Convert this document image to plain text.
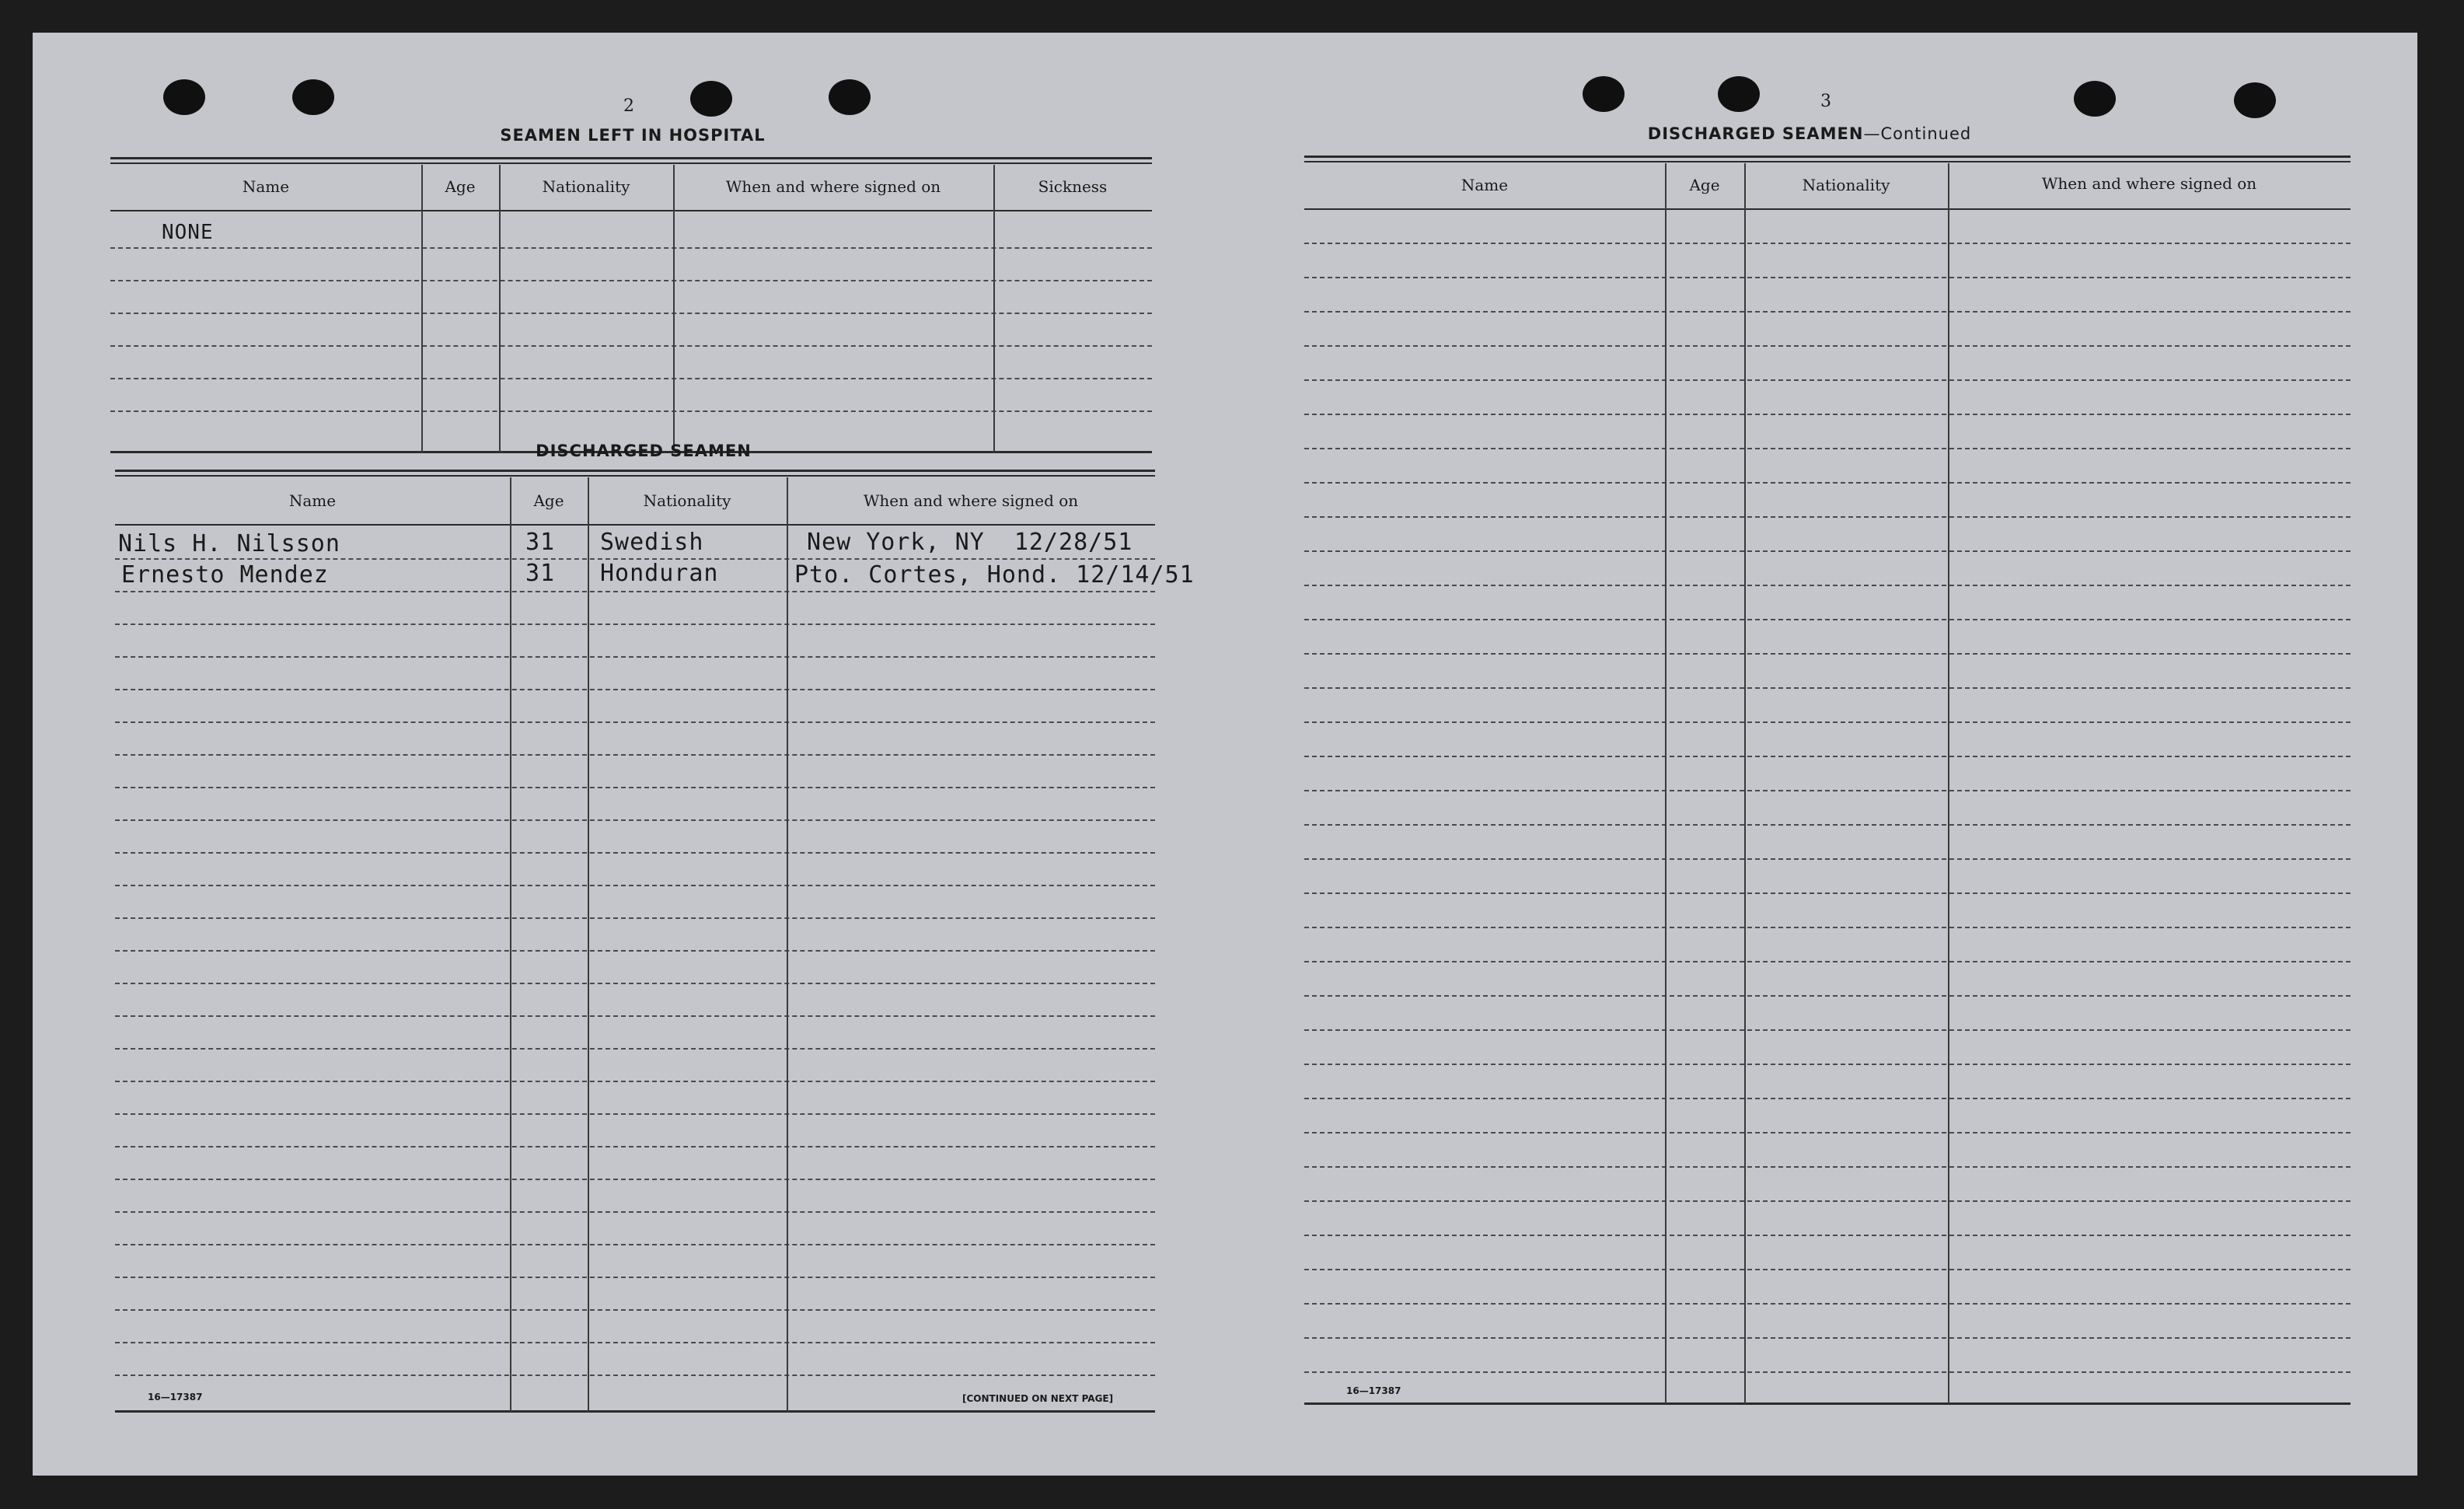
2
SEAMEN LEFT IN HOSPITAL
Name	Age	Nationality	When and where signed on	Sickness
NONE
DISCHARGED SEAMEN
Name	Age	Nationality	When and where signed on
Nils H. Nilsson	31 Swedish	New York, NY  12/28/51
Ernesto Mendez	31 Honduran	Pto. Cortes, Hond. 12/14/51
16—17387	[CONTINUED ON NEXT PAGE]
3
DISCHARGED SEAMEN—Continued
Name	Age	Nationality	When and where signed on
16—17387
